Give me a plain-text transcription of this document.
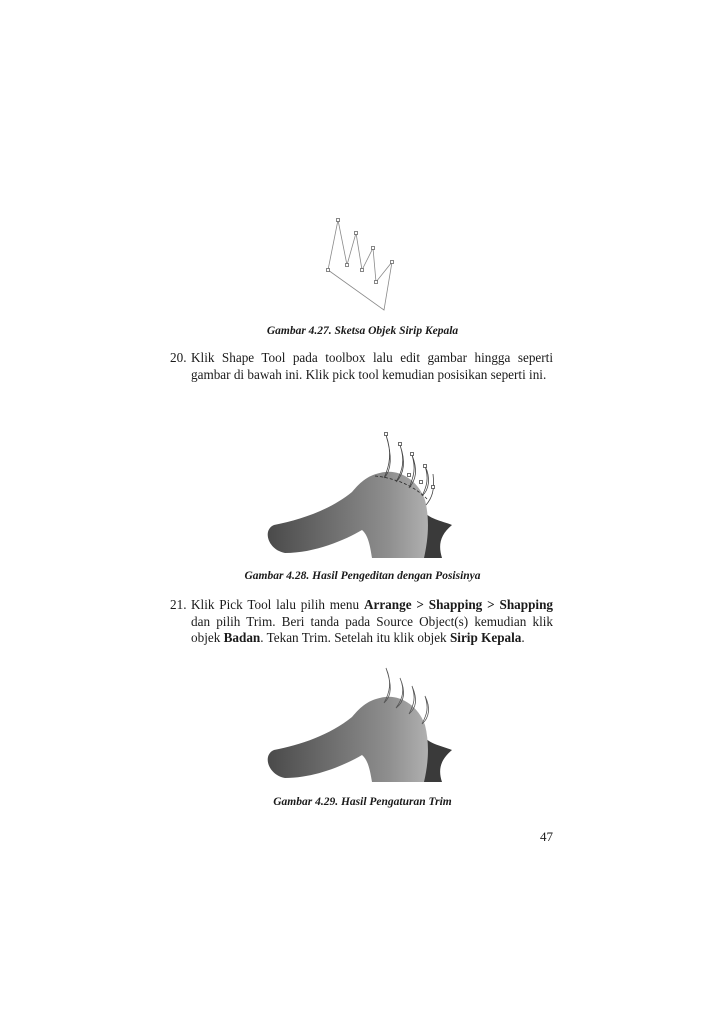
Gambar 4.27. Sketsa Objek Sirip Kepala
20. Klik Shape Tool pada toolbox lalu edit gambar hingga seperti gambar di bawah ini. Klik pick tool kemudian posisikan seperti ini.
Gambar 4.28. Hasil Pengeditan dengan Posisinya
21. Klik Pick Tool lalu pilih menu Arrange > Shapping > Shapping dan pilih Trim. Beri tanda pada Source Object(s) kemudian klik objek Badan. Tekan Trim. Setelah itu klik objek Sirip Kepala.
Gambar 4.29. Hasil Pengaturan Trim
47
